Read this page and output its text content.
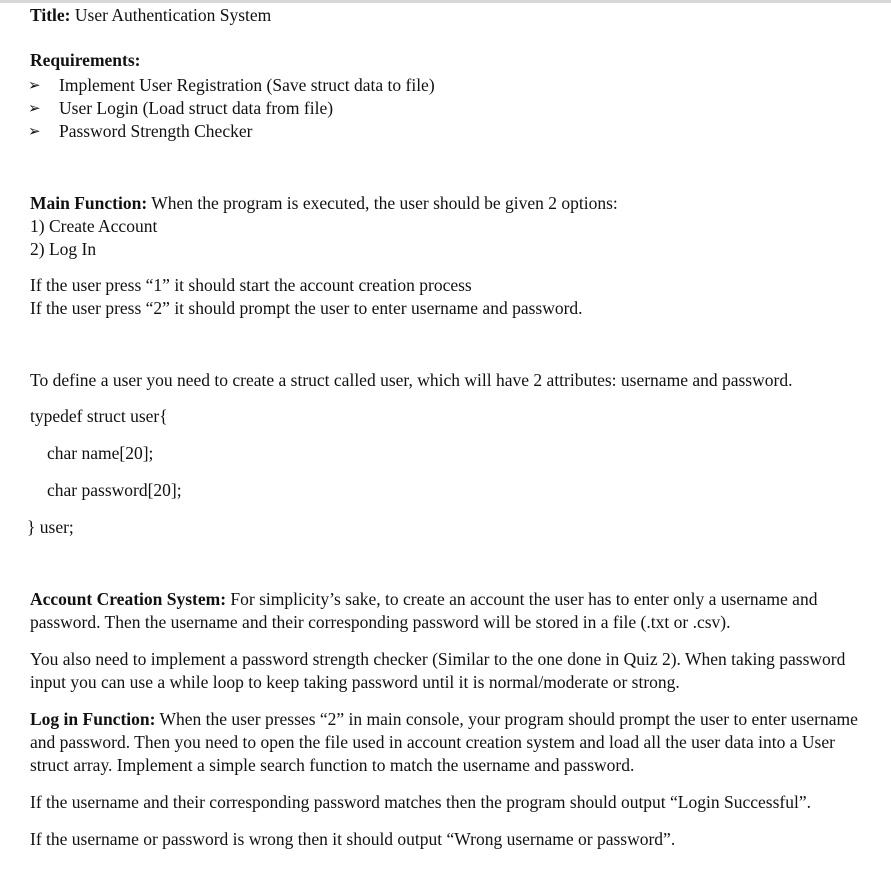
Title: User Authentication System

Requirements:

➢ Implement User Registration (Save struct data to file)
➢ User Login (Load struct data from file)
➢ Password Strength Checker

Main Function: When the program is executed, the user should be given 2 options:

1) Create Account

2) Log In

If the user press “1” it should start the account creation process

If the user press “2” it should prompt the user to enter username and password.

To define a user you need to create a struct called user, which will have 2 attributes: username and password.

typedef struct user{

char name[20];

char password[20];

} user;

Account Creation System: For simplicity’s sake, to create an account the user has to enter only a username and password. Then the username and their corresponding password will be stored in a file (.txt or .csv).

You also need to implement a password strength checker (Similar to the one done in Quiz 2). When taking password input you can use a while loop to keep taking password until it is normal/moderate or strong.

Log in Function: When the user presses “2” in main console, your program should prompt the user to enter username and password. Then you need to open the file used in account creation system and load all the user data into a User struct array. Implement a simple search function to match the username and password.

If the username and their corresponding password matches then the program should output “Login Successful”.

If the username or password is wrong then it should output “Wrong username or password”.
